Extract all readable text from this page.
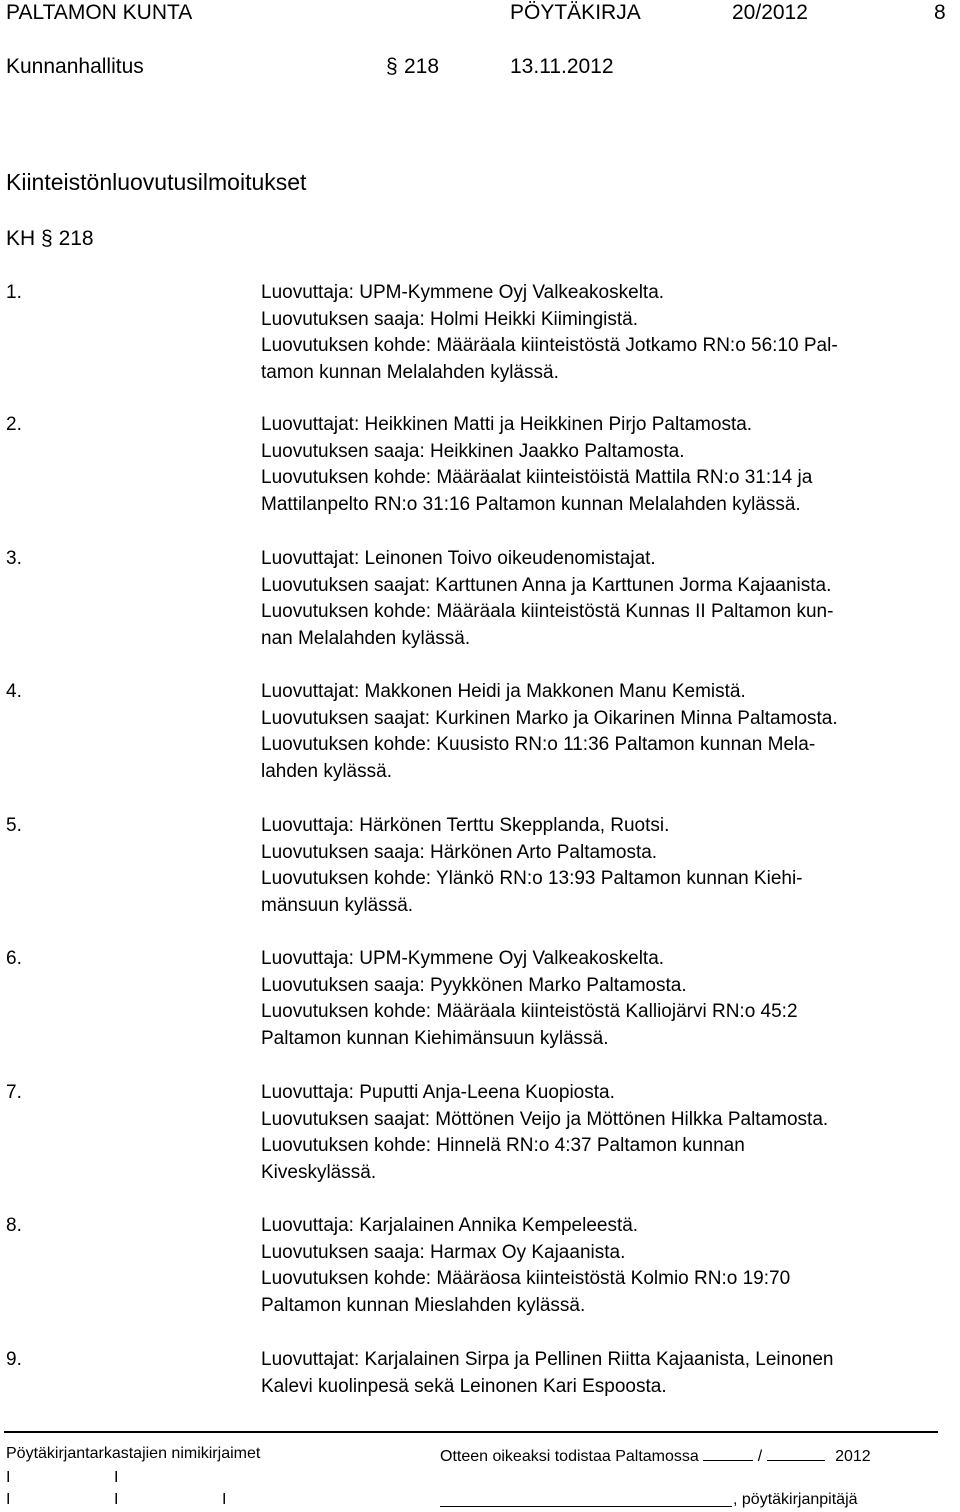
PALTAMON KUNTA	PÖYTÄKIRJA	20/2012	8
Kunnanhallitus	§ 218	13.11.2012
Kiinteistönluovutusilmoitukset
KH § 218
1.	Luovuttaja: UPM-Kymmene Oyj Valkeakoskelta.
Luovutuksen saaja: Holmi Heikki Kiimingistä.
Luovutuksen kohde: Määräala kiinteistöstä Jotkamo RN:o 56:10 Pal-
tamon kunnan Melalahden kylässä.
2.	Luovuttajat: Heikkinen Matti ja Heikkinen Pirjo Paltamosta.
Luovutuksen saaja: Heikkinen Jaakko Paltamosta.
Luovutuksen kohde: Määräalat kiinteistöistä Mattila RN:o 31:14 ja
Mattilanpelto RN:o 31:16 Paltamon kunnan Melalahden kylässä.
3.	Luovuttajat: Leinonen Toivo oikeudenomistajat.
Luovutuksen saajat: Karttunen Anna ja Karttunen Jorma Kajaanista.
Luovutuksen kohde: Määräala kiinteistöstä Kunnas II Paltamon kun-
nan Melalahden kylässä.
4.	Luovuttajat: Makkonen Heidi ja Makkonen Manu Kemistä.
Luovutuksen saajat: Kurkinen Marko ja Oikarinen Minna Paltamosta.
Luovutuksen kohde: Kuusisto RN:o 11:36 Paltamon kunnan Mela-
lahden kylässä.
5.	Luovuttaja: Härkönen Terttu Skepplanda, Ruotsi.
Luovutuksen saaja: Härkönen Arto Paltamosta.
Luovutuksen kohde: Ylänkö RN:o 13:93 Paltamon kunnan Kiehi-
mänsuun kylässä.
6.	Luovuttaja: UPM-Kymmene Oyj Valkeakoskelta.
Luovutuksen saaja: Pyykkönen Marko Paltamosta.
Luovutuksen kohde: Määräala kiinteistöstä Kalliojärvi RN:o 45:2
Paltamon kunnan Kiehimänsuun kylässä.
7.	Luovuttaja: Puputti Anja-Leena Kuopiosta.
Luovutuksen saajat: Möttönen Veijo ja Möttönen Hilkka Paltamosta.
Luovutuksen kohde: Hinnelä RN:o 4:37 Paltamon kunnan
Kiveskylässä.
8.	Luovuttaja: Karjalainen Annika Kempeleestä.
Luovutuksen saaja: Harmax Oy Kajaanista.
Luovutuksen kohde: Määräosa kiinteistöstä Kolmio RN:o 19:70
Paltamon kunnan Mieslahden kylässä.
9.	Luovuttajat: Karjalainen Sirpa ja Pellinen Riitta Kajaanista, Leinonen
Kalevi kuolinpesä sekä Leinonen Kari Espoosta.
Pöytäkirjantarkastajien nimikirjaimet	Otteen oikeaksi todistaa Paltamossa	/	2012
I	I
I	I	I	, pöytäkirjanpitäjä
